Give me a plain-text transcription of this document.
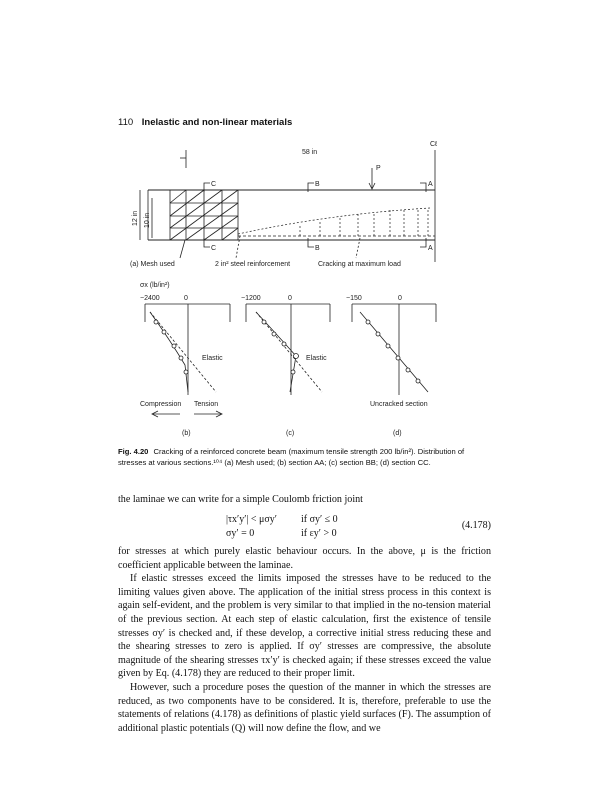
110 Inelastic and non-linear materials
Cℓ
58 in
P
12 in 10 in
C
C
B
B
A
A
(a) Mesh used	2 in² steel reinforcement	Cracking at maximum load
σx (lb/in²)
−2400	0	−1200	0	−150	0
Elastic	Elastic
Compression Tension	Uncracked section
(b)	(c)	(d)
Fig. 4.20 Cracking of a reinforced concrete beam (maximum tensile strength 200 lb/in²). Distribution of stresses at various sections.¹⁰⁴ (a) Mesh used; (b) section AA; (c) section BB; (d) section CC.

the laminae we can write for a simple Coulomb friction joint

|τx′y′| < μσy′ if σy′ ≤ 0
σy′ = 0	if εy′ > 0
(4.178)

for stresses at which purely elastic behaviour occurs. In the above, μ is the friction coefficient applicable between the laminae.

If elastic stresses exceed the limits imposed the stresses have to be reduced to the limiting values given above. The application of the initial stress process in this context is again self-evident, and the problem is very similar to that implied in the no-tension material of the previous section. At each step of elastic calculation, first the existence of tensile stresses σy′ is checked and, if these develop, a corrective initial stress reducing these and the shearing stresses to zero is applied. If σy′ stresses are compressive, the absolute magnitude of the shearing stresses τx′y′ is checked again; if these stresses exceed the value given by Eq. (4.178) they are reduced to their proper limit.

However, such a procedure poses the question of the manner in which the stresses are reduced, as two components have to be considered. It is, therefore, preferable to use the statements of relations (4.178) as definitions of plastic yield surfaces (F). The assumption of additional plastic potentials (Q) will now define the flow, and we
